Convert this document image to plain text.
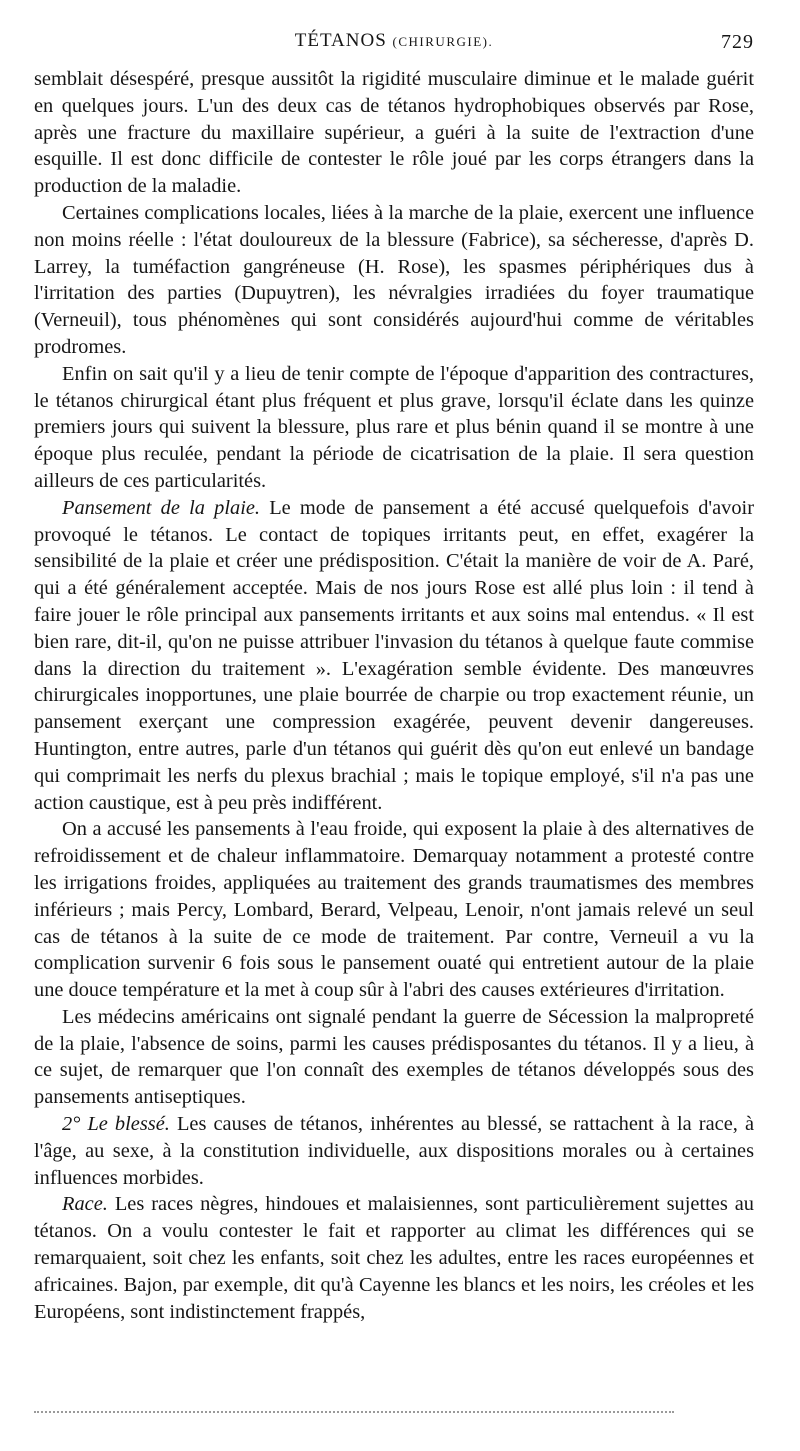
TÉTANOS (CHIRURGIE).	729

semblait désespéré, presque aussitôt la rigidité musculaire diminue et le malade guérit en quelques jours. L'un des deux cas de tétanos hydrophobiques observés par Rose, après une fracture du maxillaire supérieur, a guéri à la suite de l'extraction d'une esquille. Il est donc difficile de contester le rôle joué par les corps étrangers dans la production de la maladie.

Certaines complications locales, liées à la marche de la plaie, exercent une influence non moins réelle : l'état douloureux de la blessure (Fabrice), sa sécheresse, d'après D. Larrey, la tuméfaction gangréneuse (H. Rose), les spasmes périphériques dus à l'irritation des parties (Dupuytren), les névralgies irradiées du foyer traumatique (Verneuil), tous phénomènes qui sont considérés aujourd'hui comme de véritables prodromes.

Enfin on sait qu'il y a lieu de tenir compte de l'époque d'apparition des contractures, le tétanos chirurgical étant plus fréquent et plus grave, lorsqu'il éclate dans les quinze premiers jours qui suivent la blessure, plus rare et plus bénin quand il se montre à une époque plus reculée, pendant la période de cicatrisation de la plaie. Il sera question ailleurs de ces particularités.

Pansement de la plaie. Le mode de pansement a été accusé quelquefois d'avoir provoqué le tétanos. Le contact de topiques irritants peut, en effet, exagérer la sensibilité de la plaie et créer une prédisposition. C'était la manière de voir de A. Paré, qui a été généralement acceptée. Mais de nos jours Rose est allé plus loin : il tend à faire jouer le rôle principal aux pansements irritants et aux soins mal entendus. « Il est bien rare, dit-il, qu'on ne puisse attribuer l'invasion du tétanos à quelque faute commise dans la direction du traitement ». L'exagération semble évidente. Des manœuvres chirurgicales inopportunes, une plaie bourrée de charpie ou trop exactement réunie, un pansement exerçant une compression exagérée, peuvent devenir dangereuses. Huntington, entre autres, parle d'un tétanos qui guérit dès qu'on eut enlevé un bandage qui comprimait les nerfs du plexus brachial ; mais le topique employé, s'il n'a pas une action caustique, est à peu près indifférent.

On a accusé les pansements à l'eau froide, qui exposent la plaie à des alternatives de refroidissement et de chaleur inflammatoire. Demarquay notamment a protesté contre les irrigations froides, appliquées au traitement des grands traumatismes des membres inférieurs ; mais Percy, Lombard, Berard, Velpeau, Lenoir, n'ont jamais relevé un seul cas de tétanos à la suite de ce mode de traitement. Par contre, Verneuil a vu la complication survenir 6 fois sous le pansement ouaté qui entretient autour de la plaie une douce température et la met à coup sûr à l'abri des causes extérieures d'irritation.

Les médecins américains ont signalé pendant la guerre de Sécession la malpropreté de la plaie, l'absence de soins, parmi les causes prédisposantes du tétanos. Il y a lieu, à ce sujet, de remarquer que l'on connaît des exemples de tétanos développés sous des pansements antiseptiques.

2° Le blessé. Les causes de tétanos, inhérentes au blessé, se rattachent à la race, à l'âge, au sexe, à la constitution individuelle, aux dispositions morales ou à certaines influences morbides.

Race. Les races nègres, hindoues et malaisiennes, sont particulièrement sujettes au tétanos. On a voulu contester le fait et rapporter au climat les différences qui se remarquaient, soit chez les enfants, soit chez les adultes, entre les races européennes et africaines. Bajon, par exemple, dit qu'à Cayenne les blancs et les noirs, les créoles et les Européens, sont indistinctement frappés,
